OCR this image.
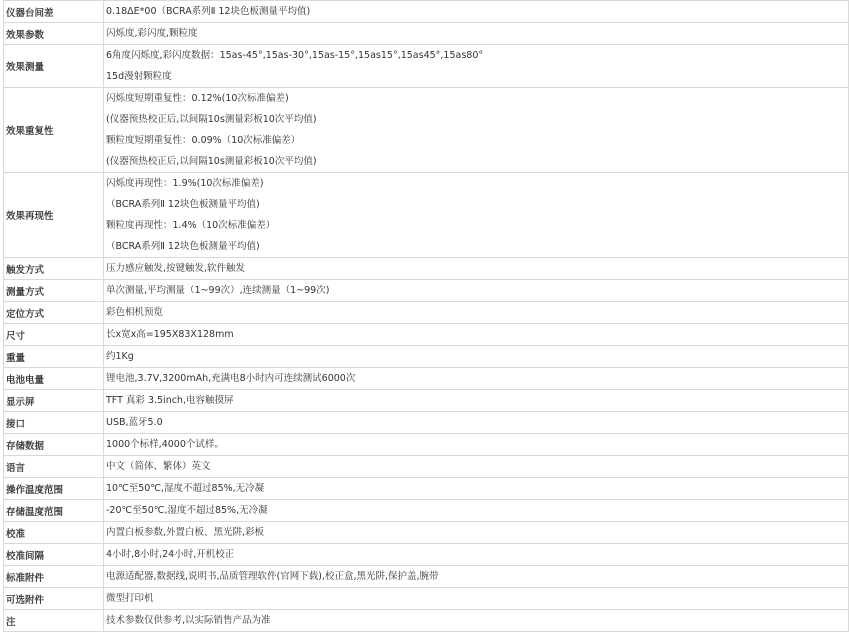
仪器台间差	0.18ΔE*00（BCRA系列Ⅱ 12块色板测量平均值)

效果参数	闪烁度,彩闪度,颗粒度

效果测量	6角度闪烁度,彩闪度数据：15as-45°,15as-30°,15as-15°,15as15°,15as45°,15as80°
15d漫射颗粒度

效果重复性	闪烁度短期重复性：0.12%(10次标准偏差)
(仪器预热校正后,以间隔10s测量彩板10次平均值)
颗粒度短期重复性：0.09%（10次标准偏差）
(仪器预热校正后,以间隔10s测量彩板10次平均值)

效果再现性	闪烁度再现性：1.9%(10次标准偏差)
（BCRA系列Ⅱ 12块色板测量平均值)
颗粒度再现性：1.4%（10次标准偏差）
（BCRA系列Ⅱ 12块色板测量平均值)

触发方式	压力感应触发,按键触发,软件触发

测量方式	单次测量,平均测量（1~99次）,连续测量（1~99次)

定位方式	彩色相机预览

尺寸	长x宽x高=195X83X128mm

重量	约1Kg

电池电量	锂电池,3.7V,3200mAh,充满电8小时内可连续测试6000次

显示屏	TFT 真彩 3.5inch,电容触摸屏

接口	USB,蓝牙5.0

存储数据	1000个标样,4000个试样。

语言	中文（简体、繁体）英文

操作温度范围	10℃至50℃,湿度不超过85%,无冷凝

存储温度范围	-20℃至50℃,湿度不超过85%,无冷凝

校准	内置白板参数,外置白板、黑光阱,彩板

校准间隔	4小时,8小时,24小时,开机校正

标准附件	电源适配器,数据线,说明书,品质管理软件(官网下载),校正盒,黑光阱,保护盖,腕带

可选附件	微型打印机

注	技术参数仅供参考,以实际销售产品为准
